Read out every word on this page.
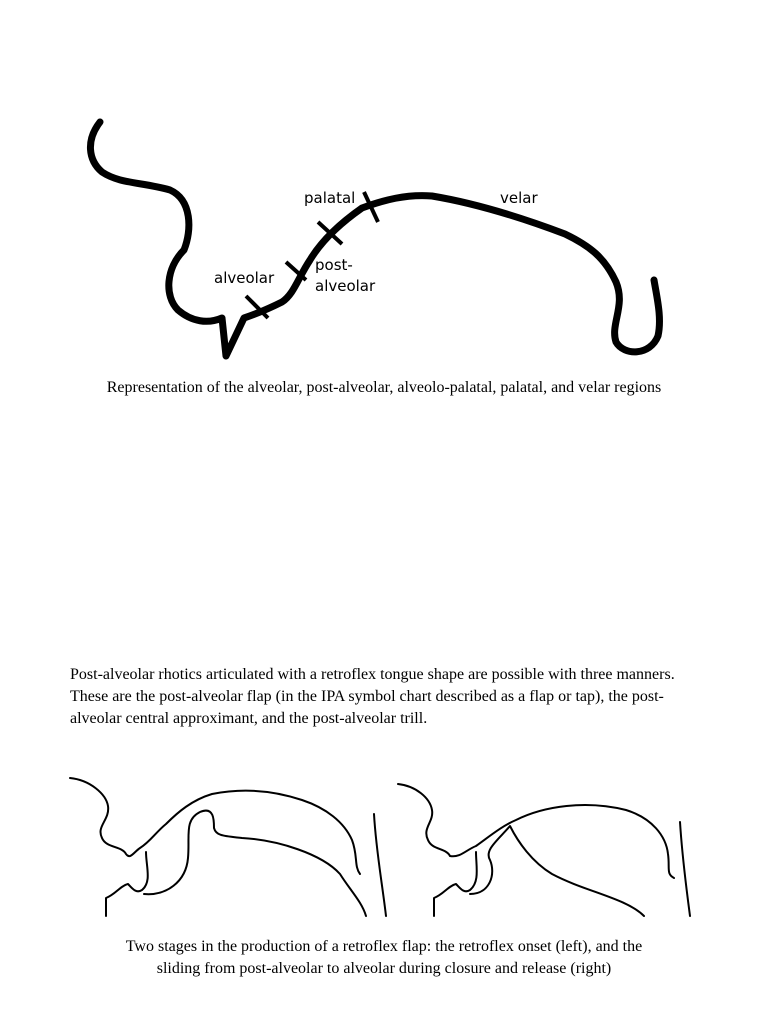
palatal	velar
post-
alveolar
alveolar
Representation of the alveolar, post-alveolar, alveolo-palatal, palatal, and velar regions
Post-alveolar rhotics articulated with a retroflex tongue shape are possible with three manners. These are the post-alveolar flap (in the IPA symbol chart described as a flap or tap), the post-alveolar central approximant, and the post-alveolar trill.
Two stages in the production of a retroflex flap: the retroflex onset (left), and the
sliding from post-alveolar to alveolar during closure and release (right)
